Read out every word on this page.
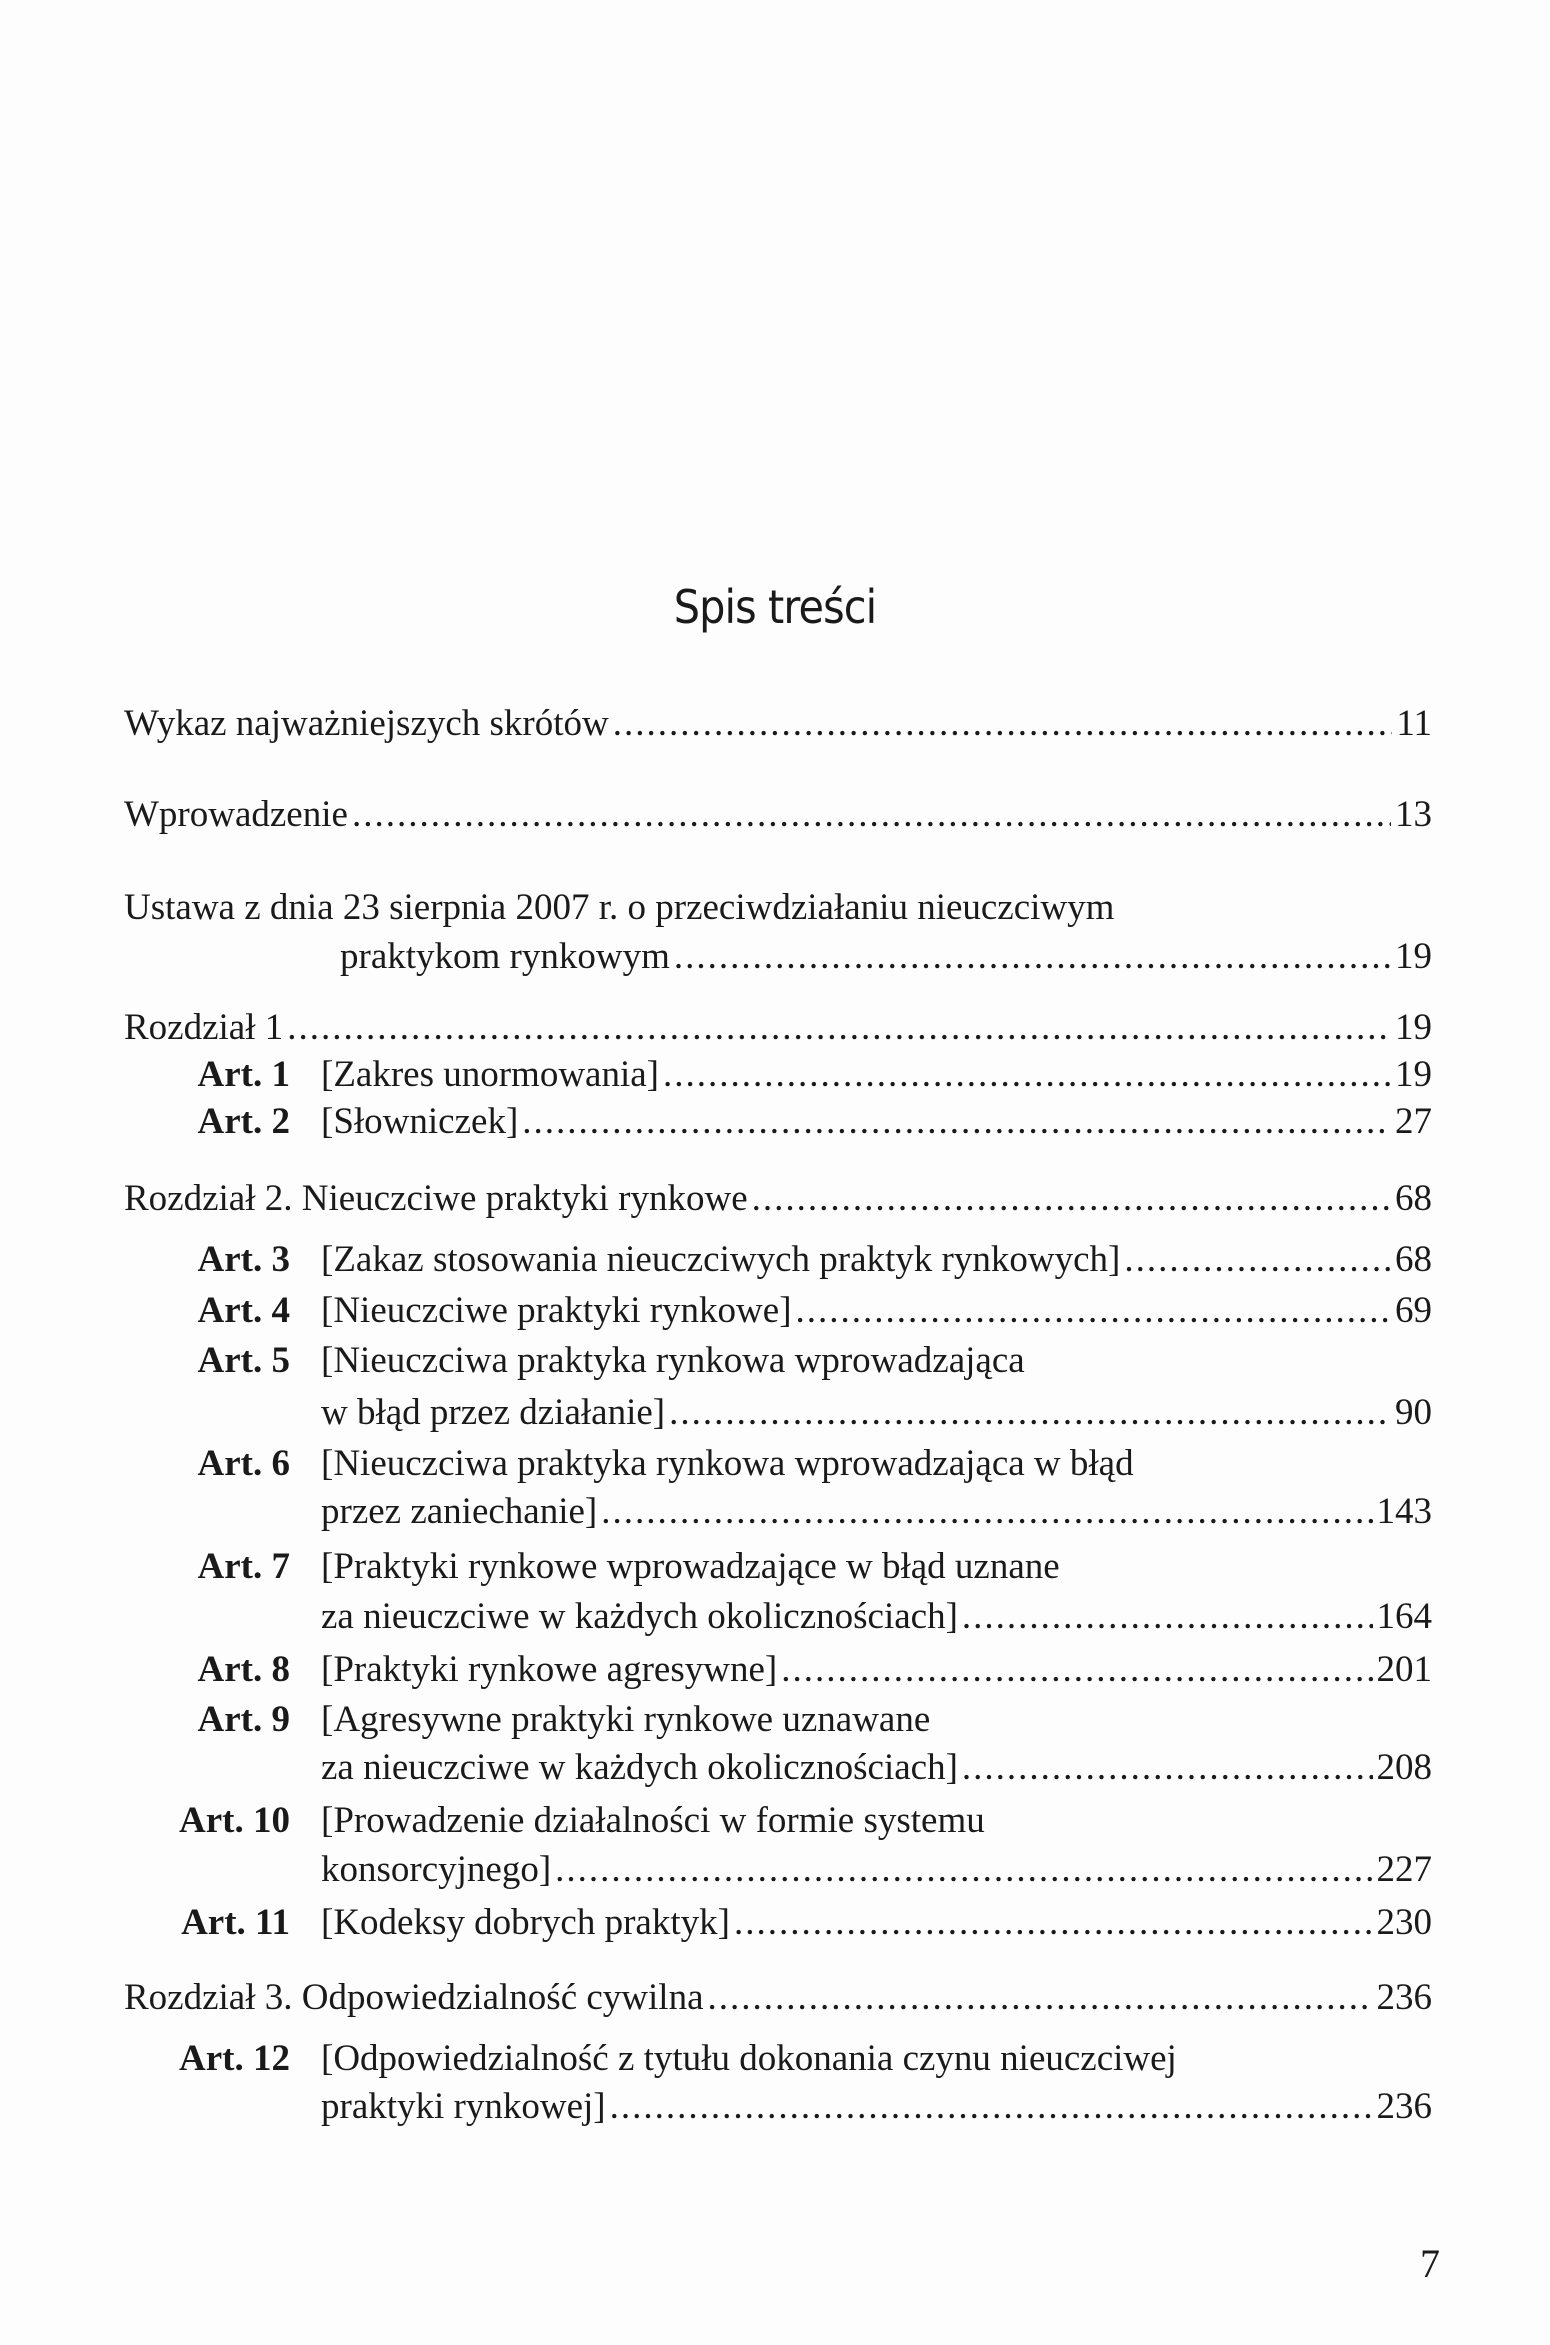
Spis treści
Wykaz najważniejszych skrótów .....	11
Wprowadzenie .....	13
Ustawa z dnia 23 sierpnia 2007 r. o przeciwdziałaniu nieuczciwym
praktykom rynkowym .....	19
Rozdział 1 .....	19
Art. 1 [Zakres unormowania] .....	19
Art. 2 [Słowniczek] .....	27
Rozdział 2. Nieuczciwe praktyki rynkowe .....	68
Art. 3 [Zakaz stosowania nieuczciwych praktyk rynkowych] .....	68
Art. 4 [Nieuczciwe praktyki rynkowe] .....	69
Art. 5 [Nieuczciwa praktyka rynkowa wprowadzająca
w błąd przez działanie] .....	90
Art. 6 [Nieuczciwa praktyka rynkowa wprowadzająca w błąd
przez zaniechanie] .....	143
Art. 7 [Praktyki rynkowe wprowadzające w błąd uznane
za nieuczciwe w każdych okolicznościach] .....	164
Art. 8 [Praktyki rynkowe agresywne] .....	201
Art. 9 [Agresywne praktyki rynkowe uznawane
za nieuczciwe w każdych okolicznościach] .....	208
Art. 10 [Prowadzenie działalności w formie systemu
konsorcyjnego] .....	227
Art. 11 [Kodeksy dobrych praktyk] .....	230
Rozdział 3. Odpowiedzialność cywilna .....	236
Art. 12 [Odpowiedzialność z tytułu dokonania czynu nieuczciwej
praktyki rynkowej] .....	236
7
